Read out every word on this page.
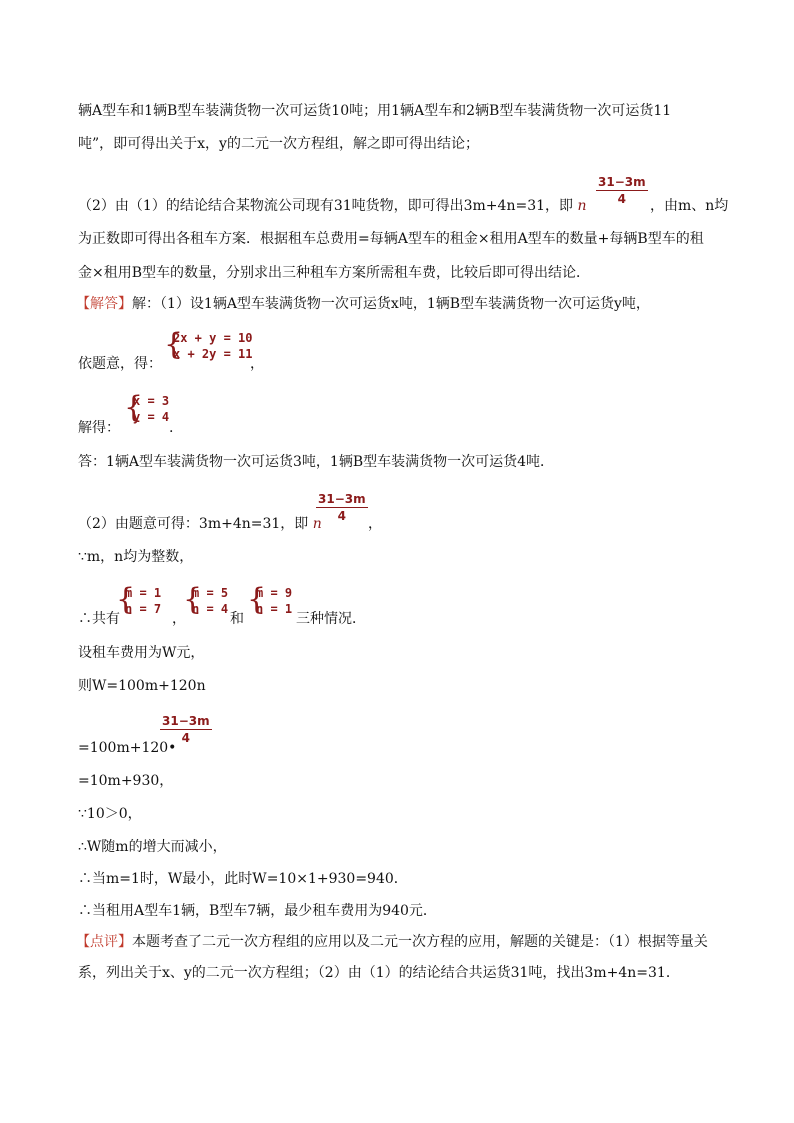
辆A型车和1辆B型车装满货物一次可运货10吨；用1辆A型车和2辆B型车装满货物一次可运货11
吨”，即可得出关于x，y的二元一次方程组，解之即可得出结论；
（2）由（1）的结论结合某物流公司现有31吨货物，即可得出3m+4n=31，即 n $\frac{31-3m}{4}$ ，由m、n均
为正数即可得出各租车方案．根据租车总费用=每辆A型车的租金×租用A型车的数量+每辆B型车的租
金×租用B型车的数量，分别求出三种租车方案所需租车费，比较后即可得出结论．
【解答】解：（1）设1辆A型车装满货物一次可运货x吨，1辆B型车装满货物一次可运货y吨，
依题意，得：
{
2x + y = 10
x + 2y = 11
，
解得：
{
x = 3
y = 4
.
答：1辆A型车装满货物一次可运货3吨，1辆B型车装满货物一次可运货4吨．
（2）由题意可得：3m+4n=31，即 n
$\frac{31-3m}{4}$
，
∵m，n均为整数，
∴共有
{
m = 1
n = 7
，
{
m = 5
n = 4
和
{
m = 9
n = 1
三种情况．
设租车费用为W元，
则W=100m+120n
=100m+120•
$\frac{31-3m}{4}$
=10m+930，
∵10＞0，
∴W随m的增大而减小，
∴当m=1时，W最小，此时W=10×1+930=940．
∴当租用A型车1辆，B型车7辆，最少租车费用为940元．
【点评】本题考查了二元一次方程组的应用以及二元一次方程的应用，解题的关键是：（1）根据等量关
系，列出关于x、y的二元一次方程组；（2）由（1）的结论结合共运货31吨，找出3m+4n=31．
